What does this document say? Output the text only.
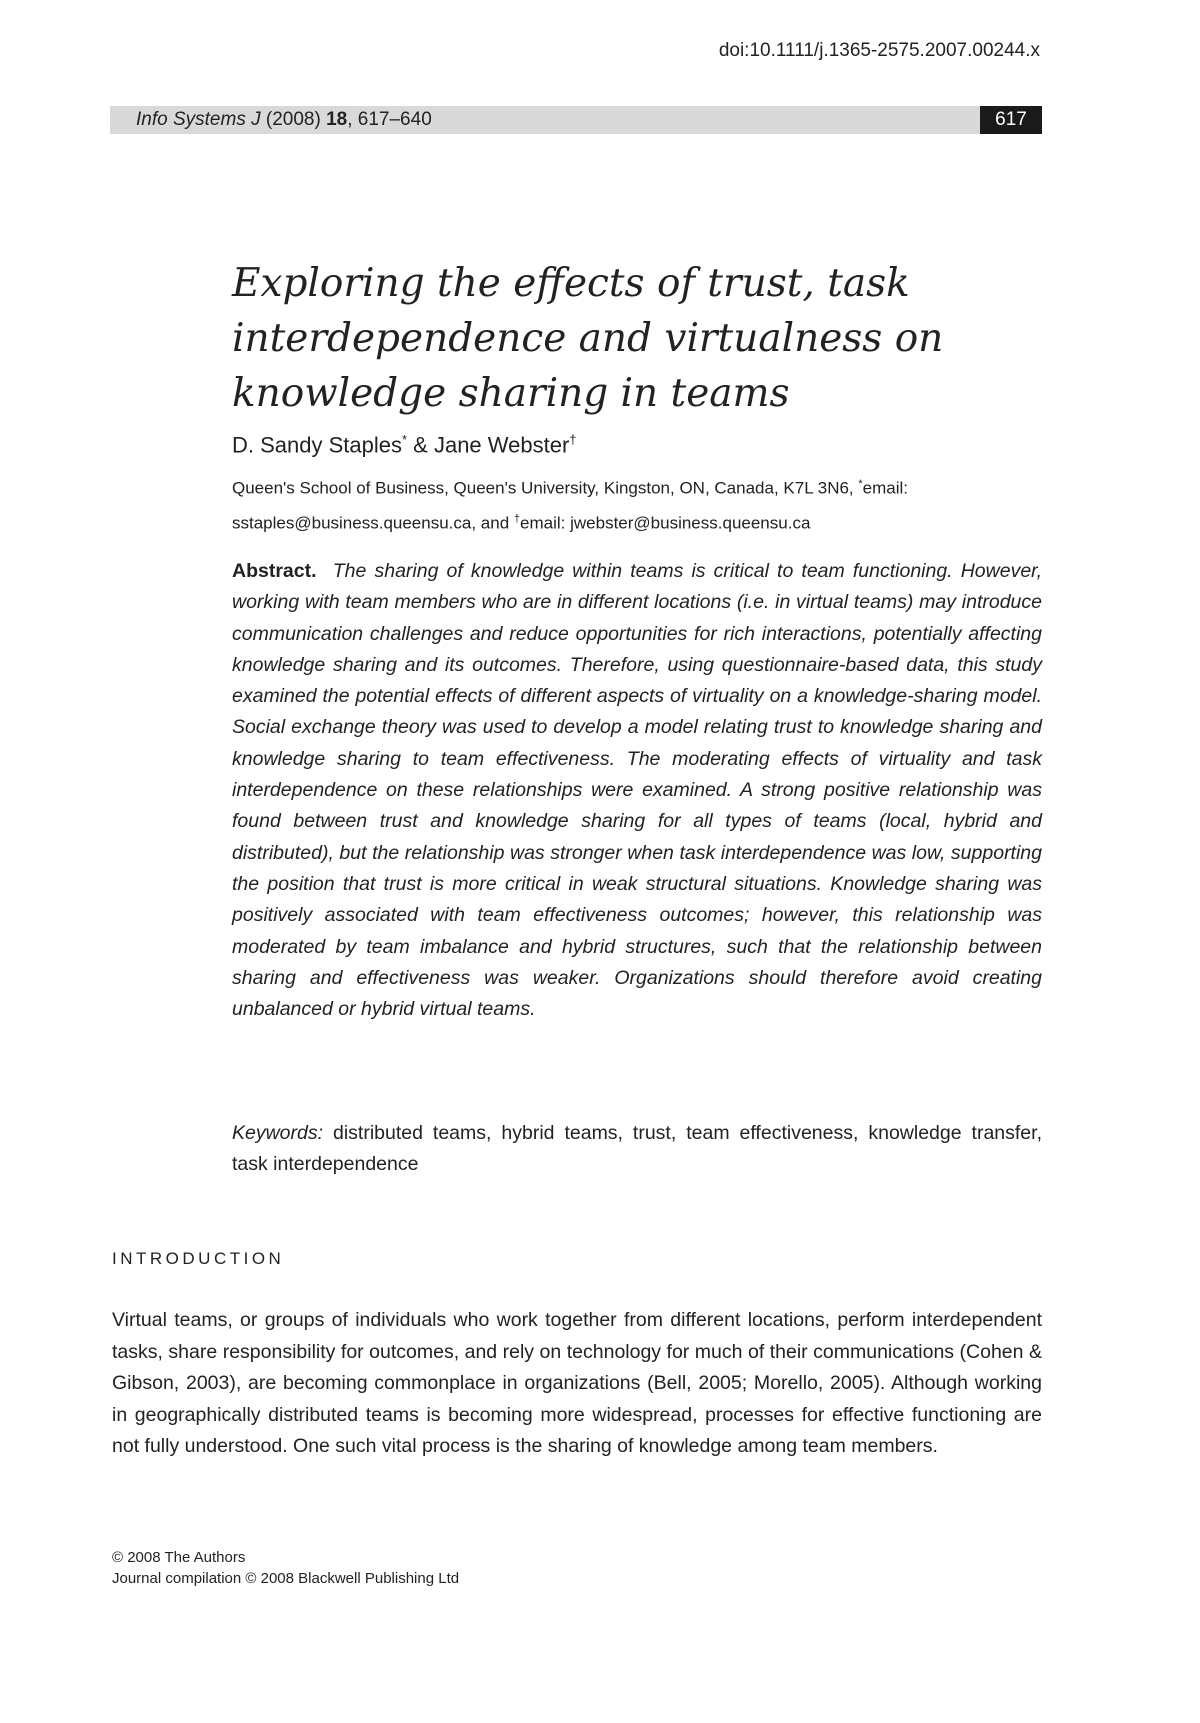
doi:10.1111/j.1365-2575.2007.00244.x
Info Systems J (2008) 18, 617–640	617
Exploring the effects of trust, task interdependence and virtualness on knowledge sharing in teams
D. Sandy Staples* & Jane Webster†
Queen's School of Business, Queen's University, Kingston, ON, Canada, K7L 3N6, *email:
sstaples@business.queensu.ca, and †email: jwebster@business.queensu.ca

Abstract. The sharing of knowledge within teams is critical to team functioning. However, working with team members who are in different locations (i.e. in virtual teams) may introduce communication challenges and reduce opportunities for rich interactions, potentially affecting knowledge sharing and its outcomes. Therefore, using questionnaire-based data, this study examined the potential effects of different aspects of virtuality on a knowledge-sharing model. Social exchange theory was used to develop a model relating trust to knowledge sharing and knowledge sharing to team effectiveness. The moderating effects of virtuality and task interdependence on these relationships were examined. A strong positive relationship was found between trust and knowledge sharing for all types of teams (local, hybrid and distributed), but the relationship was stronger when task interdependence was low, supporting the position that trust is more critical in weak structural situations. Knowledge sharing was positively associated with team effectiveness outcomes; however, this relationship was moderated by team imbalance and hybrid structures, such that the relationship between sharing and effectiveness was weaker. Organizations should therefore avoid creating unbalanced or hybrid virtual teams.

Keywords: distributed teams, hybrid teams, trust, team effectiveness, knowledge transfer, task interdependence

INTRODUCTION

Virtual teams, or groups of individuals who work together from different locations, perform interdependent tasks, share responsibility for outcomes, and rely on technology for much of their communications (Cohen & Gibson, 2003), are becoming commonplace in organizations (Bell, 2005; Morello, 2005). Although working in geographically distributed teams is becoming more widespread, processes for effective functioning are not fully understood. One such vital process is the sharing of knowledge among team members.

© 2008 The Authors
Journal compilation © 2008 Blackwell Publishing Ltd
